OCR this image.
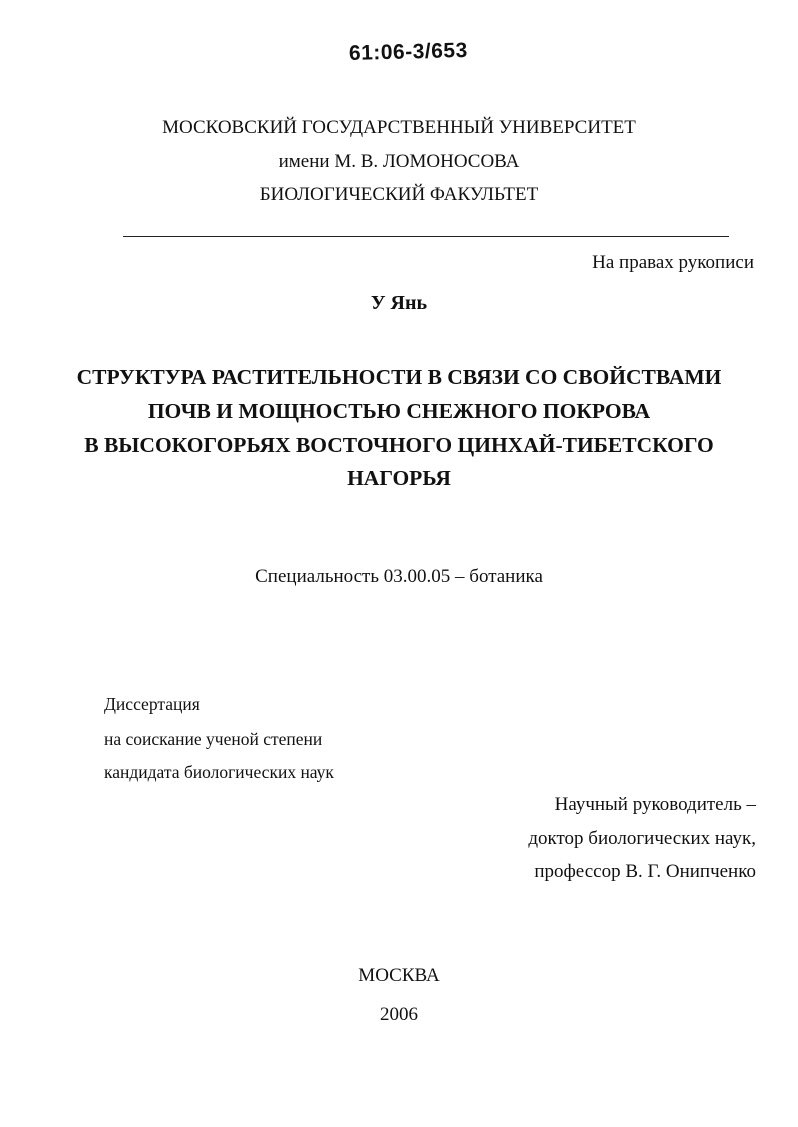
61:06-3/653
МОСКОВСКИЙ ГОСУДАРСТВЕННЫЙ УНИВЕРСИТЕТ
имени М. В. ЛОМОНОСОВА
БИОЛОГИЧЕСКИЙ ФАКУЛЬТЕТ
На правах рукописи
У Янь
СТРУКТУРА РАСТИТЕЛЬНОСТИ В СВЯЗИ СО СВОЙСТВАМИ
ПОЧВ И МОЩНОСТЬЮ СНЕЖНОГО ПОКРОВА
В ВЫСОКОГОРЬЯХ ВОСТОЧНОГО ЦИНХАЙ-ТИБЕТСКОГО
НАГОРЬЯ
Специальность 03.00.05 – ботаника
Диссертация
на соискание ученой степени
кандидата биологических наук
Научный руководитель –
доктор биологических наук,
профессор В. Г. Онипченко
МОСКВА
2006
